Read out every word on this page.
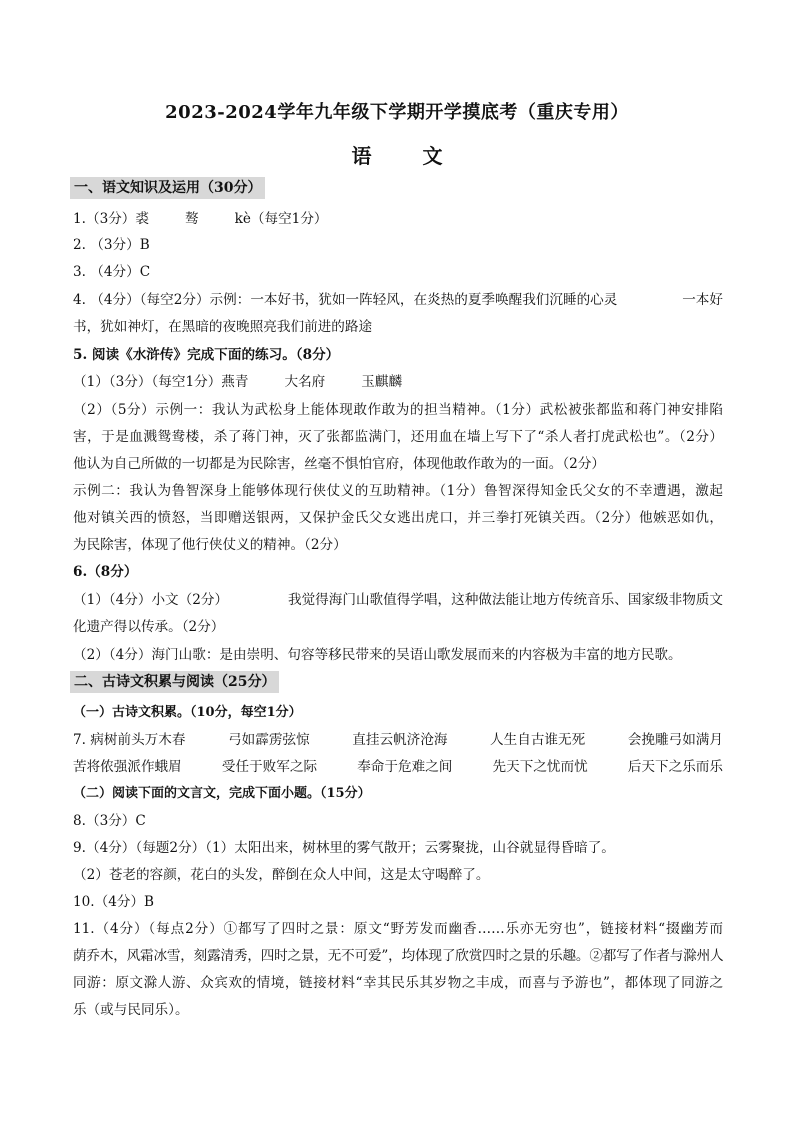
2023-2024学年九年级下学期开学摸底考（重庆专用）
语 文
一、语文知识及运用（30分）
1.（3分）裘	骜	kè（每空1分）
2. （3分）B
3. （4分）C
4. （4分）（每空2分）示例：一本好书，犹如一阵轻风，在炎热的夏季唤醒我们沉睡的心灵	一本好
书，犹如神灯，在黑暗的夜晚照亮我们前进的路途
5. 阅读《水浒传》完成下面的练习。（8分）
（1）（3分）（每空1分）燕青	大名府	玉麒麟
（2）（5分）示例一：我认为武松身上能体现敢作敢为的担当精神。（1分）武松被张都监和蒋门神安排陷
害，于是血溅鸳鸯楼，杀了蒋门神，灭了张都监满门，还用血在墙上写下了“杀人者打虎武松也”。（2分）
他认为自己所做的一切都是为民除害，丝毫不惧怕官府，体现他敢作敢为的一面。（2分）
示例二：我认为鲁智深身上能够体现行侠仗义的互助精神。（1分）鲁智深得知金氏父女的不幸遭遇，激起
他对镇关西的愤怒，当即赠送银两，又保护金氏父女逃出虎口，并三拳打死镇关西。（2分）他嫉恶如仇，
为民除害，体现了他行侠仗义的精神。（2分）
6.（8分）
（1）（4分）小文（2分）	我觉得海门山歌值得学唱，这种做法能让地方传统音乐、国家级非物质文
化遗产得以传承。（2分）
（2）（4分）海门山歌：是由崇明、句容等移民带来的吴语山歌发展而来的内容极为丰富的地方民歌。
二、古诗文积累与阅读（25分）
（一）古诗文积累。（10分，每空1分）
7. 病树前头万木春	弓如霹雳弦惊	直挂云帆济沧海	人生自古谁无死	会挽雕弓如满月
苦将侬强派作蛾眉	受任于败军之际	奉命于危难之间	先天下之忧而忧	后天下之乐而乐
（二）阅读下面的文言文，完成下面小题。（15分）
8.（3分）C
9.（4分）（每题2分）（1）太阳出来，树林里的雾气散开；云雾聚拢，山谷就显得昏暗了。
（2）苍老的容颜，花白的头发，醉倒在众人中间，这是太守喝醉了。
10.（4分）B
11.（4分）（每点2分）①都写了四时之景：原文“野芳发而幽香……乐亦无穷也”，链接材料“掇幽芳而
荫乔木，风霜冰雪，刻露清秀，四时之景，无不可爱”，均体现了欣赏四时之景的乐趣。②都写了作者与滁州人
同游：原文滁人游、众宾欢的情境，链接材料“幸其民乐其岁物之丰成，而喜与予游也”，都体现了同游之
乐（或与民同乐）。
